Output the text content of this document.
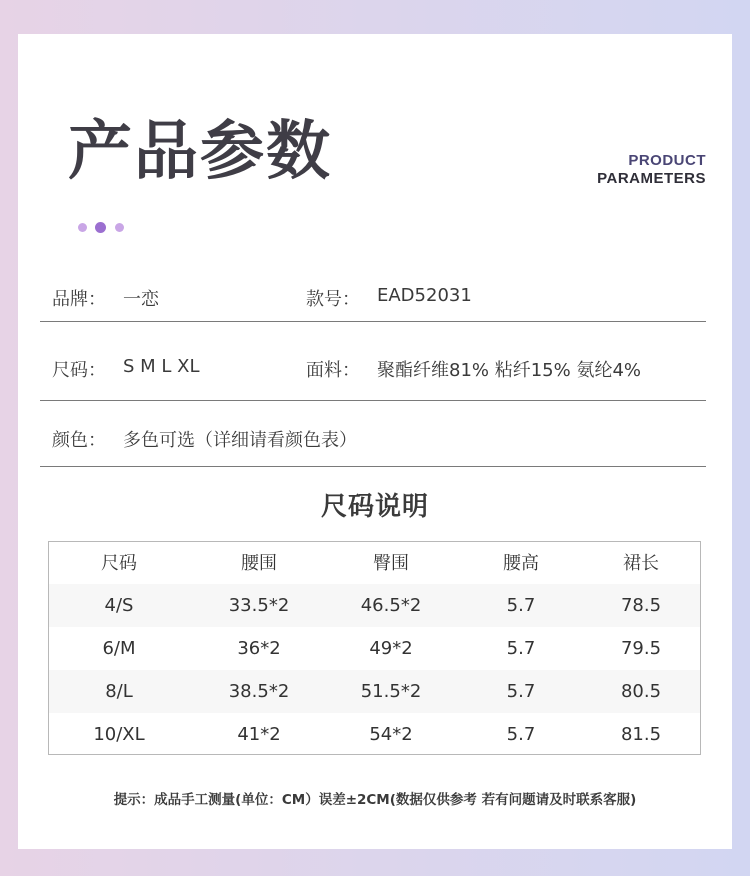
产品参数	PRODUCT
PARAMETERS
品牌： 一恋	款号： EAD52031
尺码： S M L XL	面料： 聚酯纤维81% 粘纤15% 氨纶4%
颜色： 多色可选（详细请看颜色表）
尺码说明
尺码	腰围	臀围	腰高	裙长
4/S	33.5*2	46.5*2	5.7	78.5
6/M	36*2	49*2	5.7	79.5
8/L	38.5*2	51.5*2	5.7	80.5
10/XL	41*2	54*2	5.7	81.5
提示：成品手工测量(单位：CM）误差±2CM(数据仅供参考 若有问题请及时联系客服)
